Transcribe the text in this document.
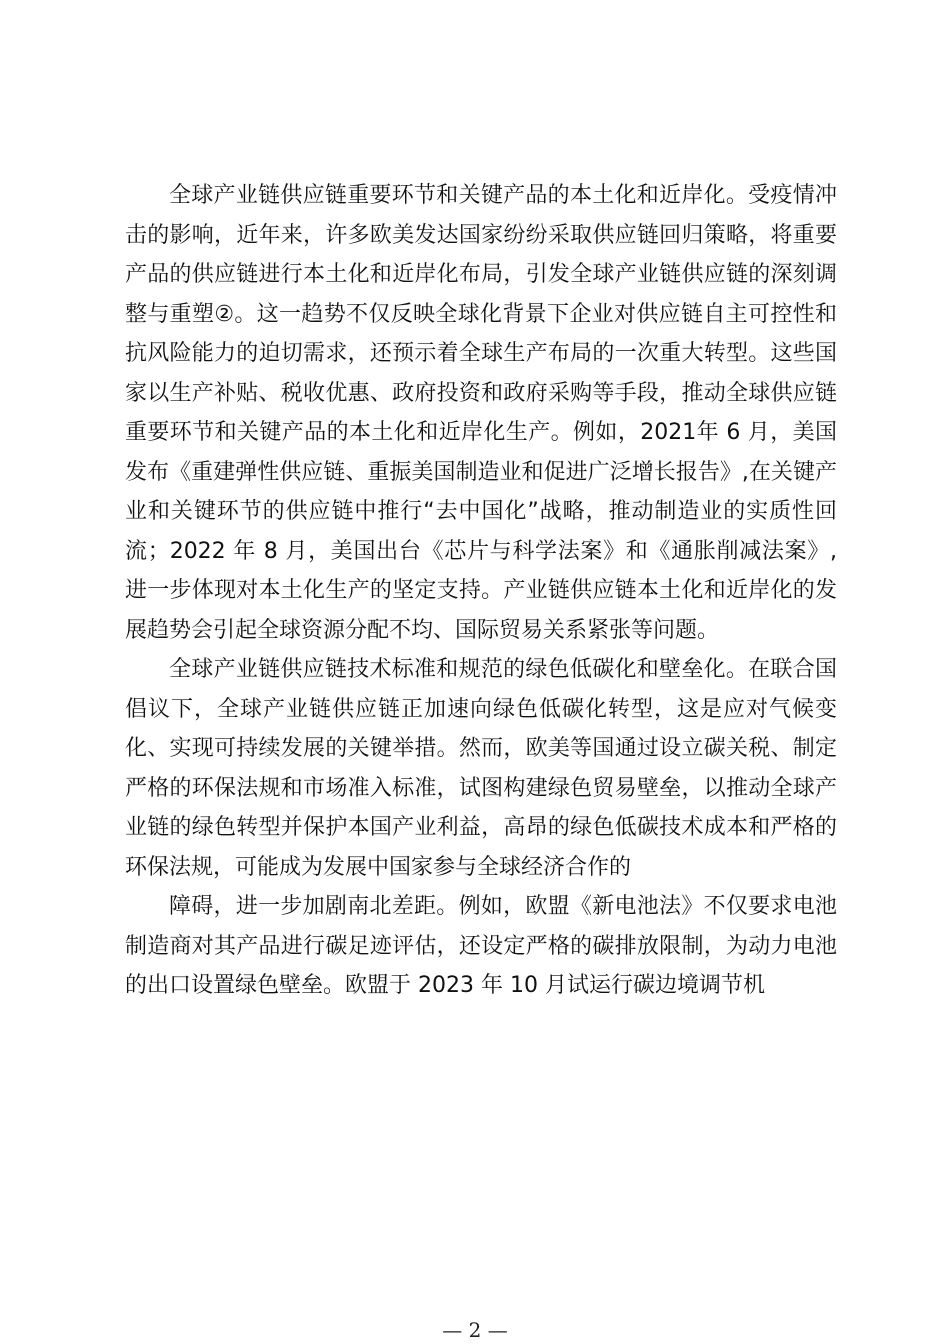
全球产业链供应链重要环节和关键产品的本土化和近岸化。受疫情冲击的影响，近年来，许多欧美发达国家纷纷采取供应链回归策略，将重要产品的供应链进行本土化和近岸化布局，引发全球产业链供应链的深刻调整与重塑②。这一趋势不仅反映全球化背景下企业对供应链自主可控性和抗风险能力的迫切需求，还预示着全球生产布局的一次重大转型。这些国家以生产补贴、税收优惠、政府投资和政府采购等手段，推动全球供应链重要环节和关键产品的本土化和近岸化生产。例如，2021年 6 月，美国发布《重建弹性供应链、重振美国制造业和促进广泛增长报告》,在关键产业和关键环节的供应链中推行“去中国化”战略，推动制造业的实质性回流；2022 年 8 月，美国出台《芯片与科学法案》和《通胀削减法案》,进一步体现对本土化生产的坚定支持。产业链供应链本土化和近岸化的发展趋势会引起全球资源分配不均、国际贸易关系紧张等问题。

全球产业链供应链技术标准和规范的绿色低碳化和壁垒化。在联合国倡议下，全球产业链供应链正加速向绿色低碳化转型，这是应对气候变化、实现可持续发展的关键举措。然而，欧美等国通过设立碳关税、制定严格的环保法规和市场准入标准，试图构建绿色贸易壁垒，以推动全球产业链的绿色转型并保护本国产业利益，高昂的绿色低碳技术成本和严格的环保法规，可能成为发展中国家参与全球经济合作的

障碍，进一步加剧南北差距。例如，欧盟《新电池法》不仅要求电池制造商对其产品进行碳足迹评估，还设定严格的碳排放限制，为动力电池的出口设置绿色壁垒。欧盟于 2023 年 10 月试运行碳边境调节机

— 2 —
